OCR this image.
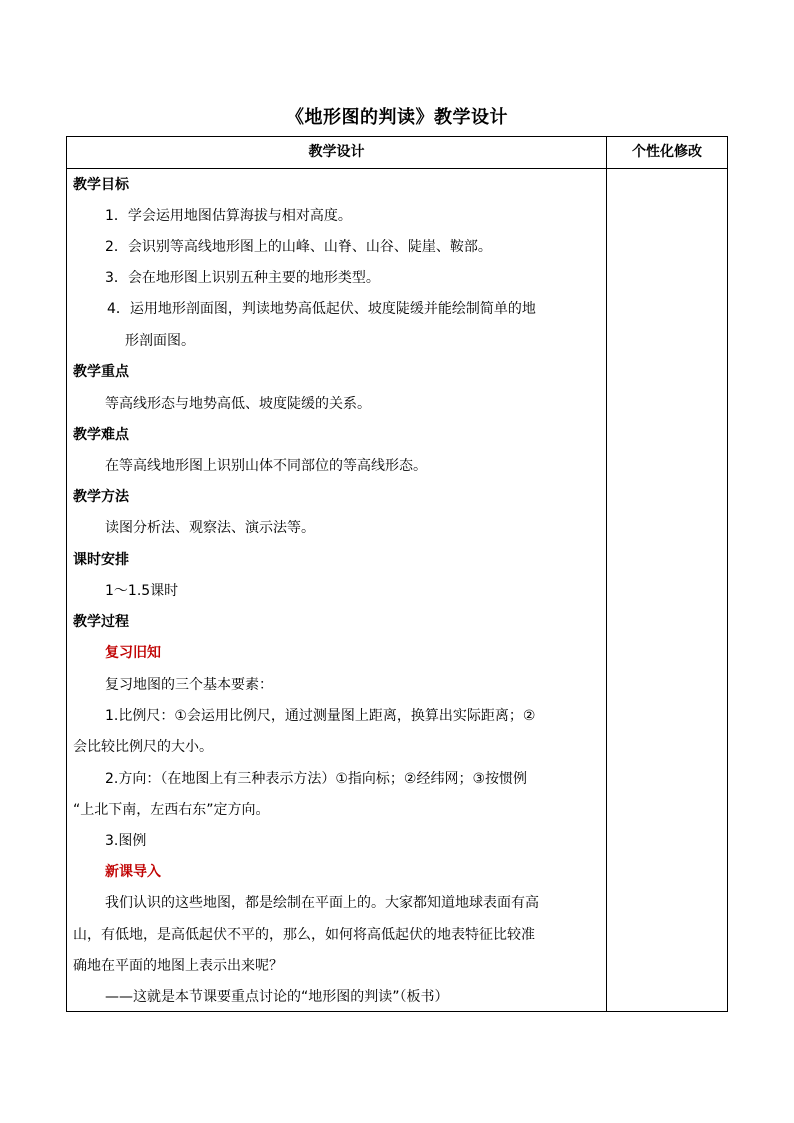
《地形图的判读》教学设计
教学设计	个性化修改
教学目标
1．学会运用地图估算海拔与相对高度。
2．会识别等高线地形图上的山峰、山脊、山谷、陡崖、鞍部。
3．会在地形图上识别五种主要的地形类型。
4．运用地形剖面图，判读地势高低起伏、坡度陡缓并能绘制简单的地
形剖面图。
教学重点
等高线形态与地势高低、坡度陡缓的关系。
教学难点
在等高线地形图上识别山体不同部位的等高线形态。
教学方法
读图分析法、观察法、演示法等。
课时安排
1～1.5课时
教学过程
复习旧知
复习地图的三个基本要素：
1.比例尺：①会运用比例尺，通过测量图上距离，换算出实际距离；②
会比较比例尺的大小。
2.方向：（在地图上有三种表示方法）①指向标；②经纬网；③按惯例
“上北下南，左西右东”定方向。
3.图例
新课导入
我们认识的这些地图，都是绘制在平面上的。大家都知道地球表面有高
山，有低地，是高低起伏不平的，那么，如何将高低起伏的地表特征比较准
确地在平面的地图上表示出来呢？
——这就是本节课要重点讨论的“地形图的判读”（板书）
